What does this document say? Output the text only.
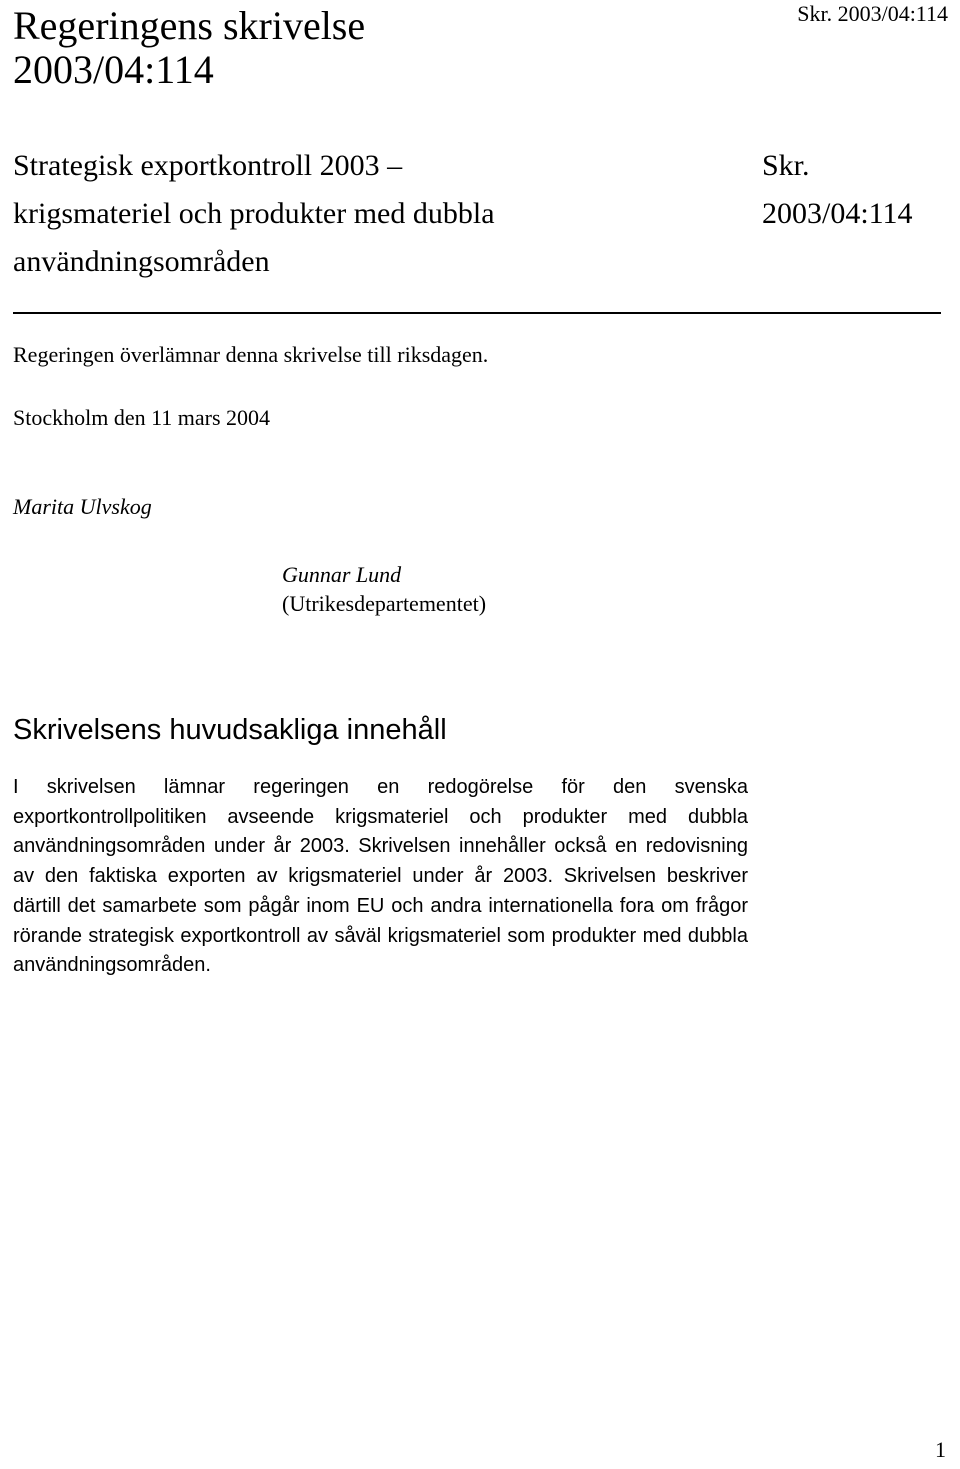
Skr. 2003/04:114
Regeringens skrivelse
2003/04:114
Strategisk exportkontroll 2003 –
krigsmateriel och produkter med dubbla
användningsområden
Skr.
2003/04:114
Regeringen överlämnar denna skrivelse till riksdagen.
Stockholm den 11 mars 2004
Marita Ulvskog
Gunnar Lund
(Utrikesdepartementet)
Skrivelsens huvudsakliga innehåll

I skrivelsen lämnar regeringen en redogörelse för den svenska exportkontrollpolitiken avseende krigsmateriel och produkter med dubbla användningsområden under år 2003. Skrivelsen innehåller också en redovisning av den faktiska exporten av krigsmateriel under år 2003. Skrivelsen beskriver därtill det samarbete som pågår inom EU och andra internationella fora om frågor rörande strategisk exportkontroll av såväl krigsmateriel som produkter med dubbla användningsområden.

1
